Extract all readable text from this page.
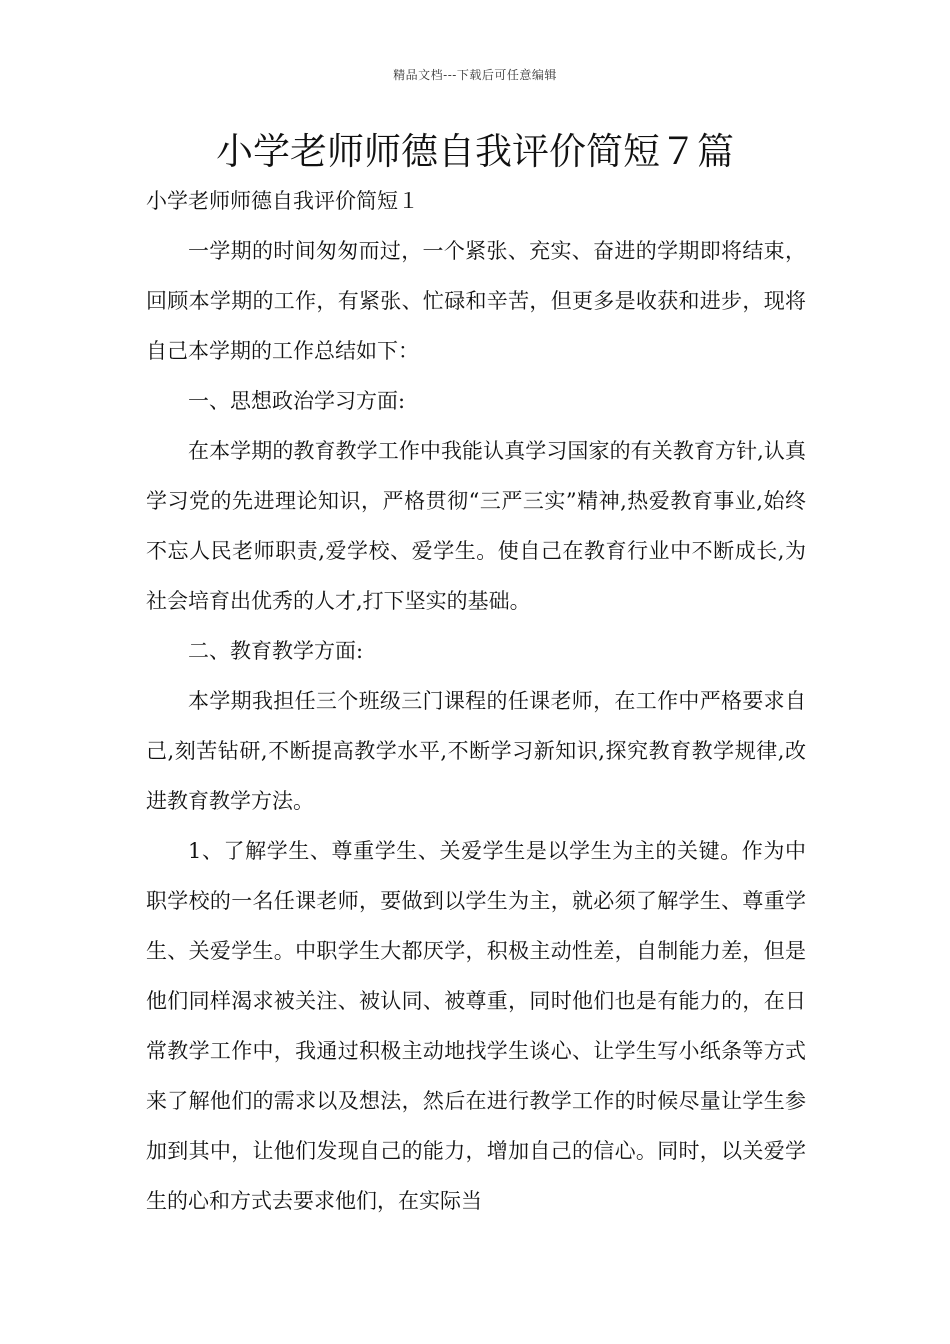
精品文档---下载后可任意编辑
小学老师师德自我评价简短７篇
小学老师师德自我评价简短１

一学期的时间匆匆而过，一个紧张、充实、奋进的学期即将结束，回顾本学期的工作，有紧张、忙碌和辛苦，但更多是收获和进步，现将自己本学期的工作总结如下：

一、思想政治学习方面:

在本学期的教育教学工作中我能认真学习国家的有关教育方针,认真学习党的先进理论知识，严格贯彻“三严三实”精神,热爱教育事业,始终不忘人民老师职责,爱学校、爱学生。使自己在教育行业中不断成长,为社会培育出优秀的人才,打下坚实的基础。

二、教育教学方面:

本学期我担任三个班级三门课程的任课老师，在工作中严格要求自己,刻苦钻研,不断提高教学水平,不断学习新知识,探究教育教学规律,改进教育教学方法。

1、了解学生、尊重学生、关爱学生是以学生为主的关键。作为中职学校的一名任课老师，要做到以学生为主，就必须了解学生、尊重学生、关爱学生。中职学生大都厌学，积极主动性差，自制能力差，但是他们同样渴求被关注、被认同、被尊重，同时他们也是有能力的，在日常教学工作中，我通过积极主动地找学生谈心、让学生写小纸条等方式来了解他们的需求以及想法，然后在进行教学工作的时候尽量让学生参加到其中，让他们发现自己的能力，增加自己的信心。同时，以关爱学生的心和方式去要求他们，在实际当
